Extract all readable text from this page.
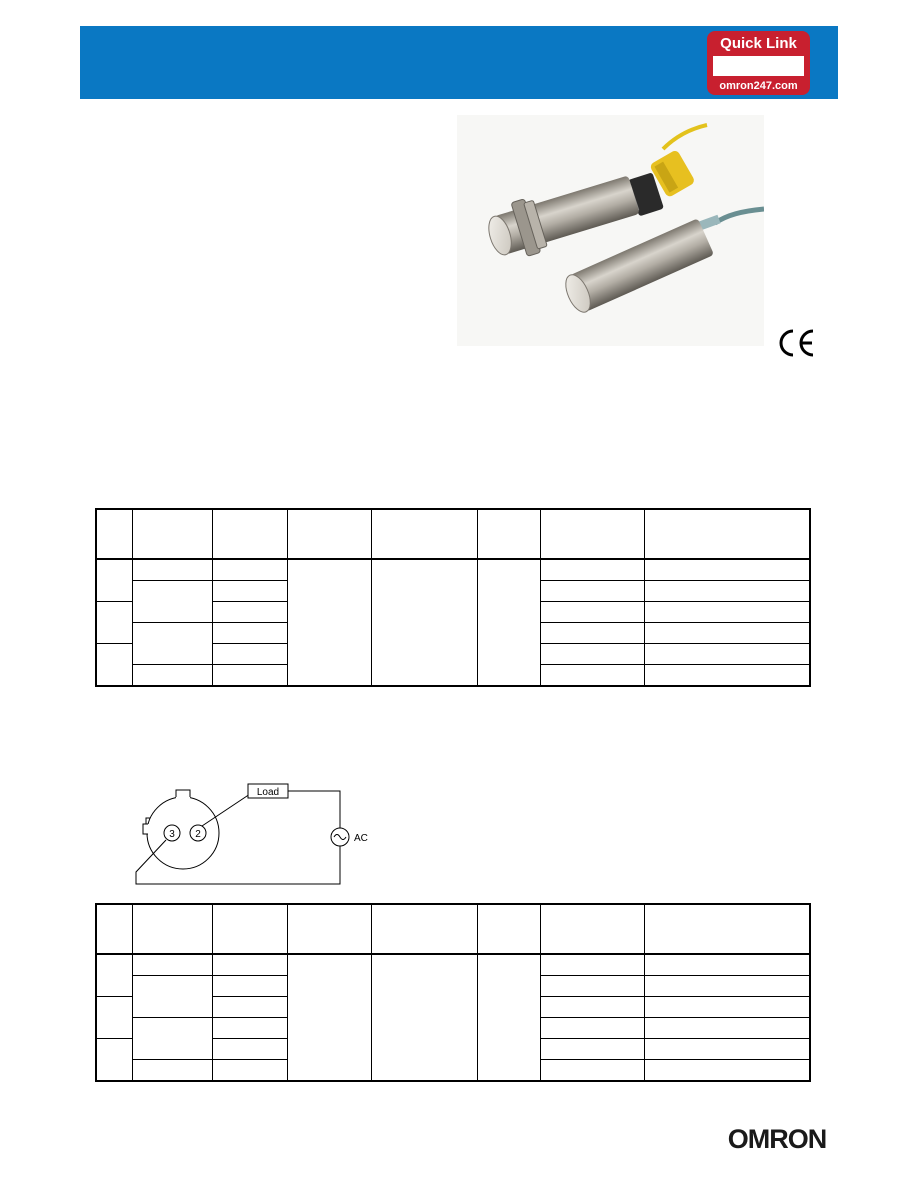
Quick Link
omron247.com

3 2
Load
AC

OMRON
